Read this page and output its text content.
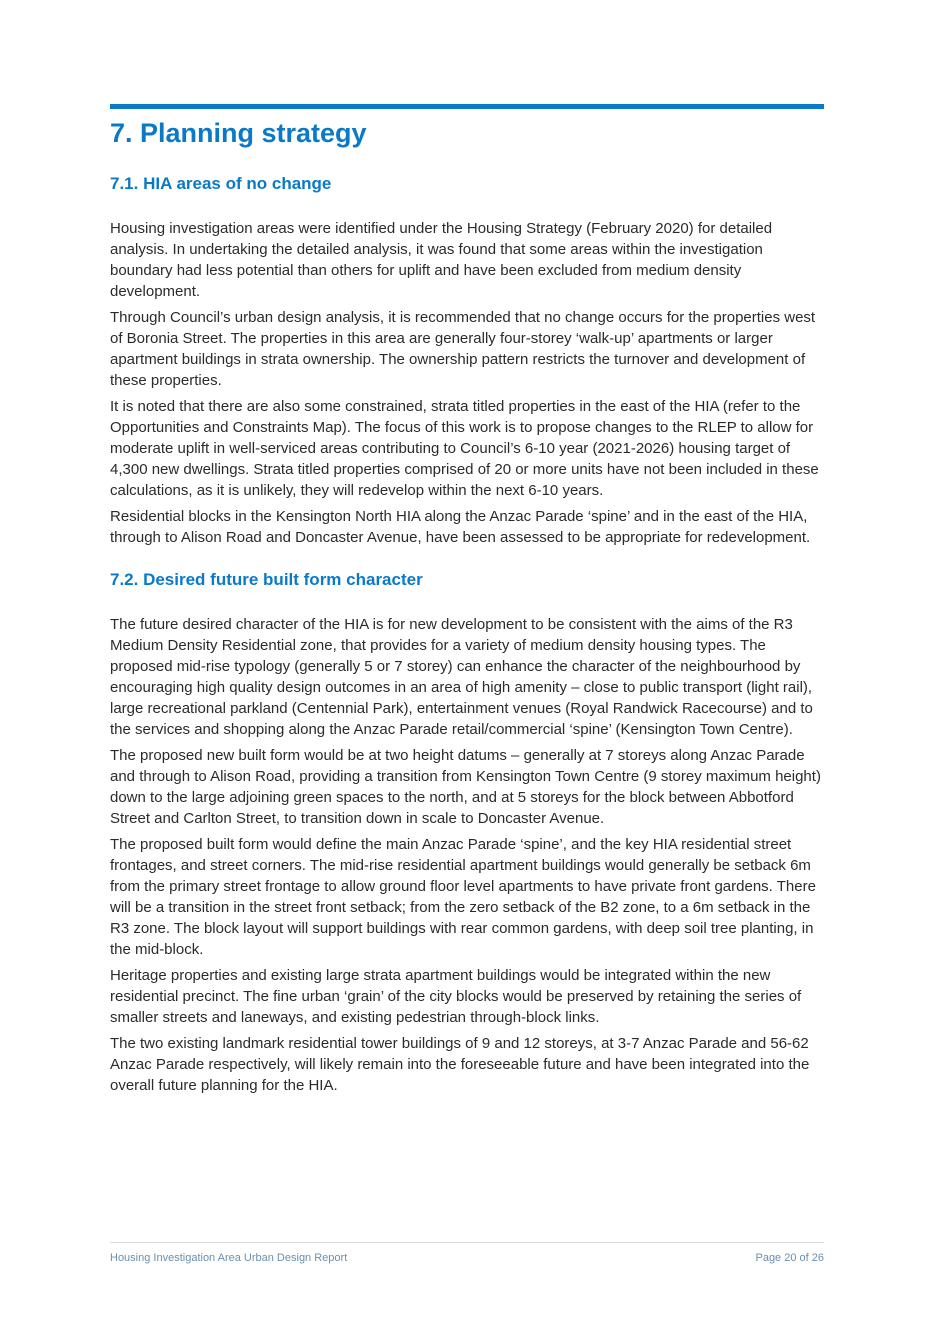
7. Planning strategy
7.1. HIA areas of no change

Housing investigation areas were identified under the Housing Strategy (February 2020) for detailed analysis. In undertaking the detailed analysis, it was found that some areas within the investigation boundary had less potential than others for uplift and have been excluded from medium density development.

Through Council’s urban design analysis, it is recommended that no change occurs for the properties west of Boronia Street. The properties in this area are generally four-storey ‘walk-up’ apartments or larger apartment buildings in strata ownership. The ownership pattern restricts the turnover and development of these properties.

It is noted that there are also some constrained, strata titled properties in the east of the HIA (refer to the Opportunities and Constraints Map). The focus of this work is to propose changes to the RLEP to allow for moderate uplift in well-serviced areas contributing to Council’s 6-10 year (2021-2026) housing target of 4,300 new dwellings. Strata titled properties comprised of 20 or more units have not been included in these calculations, as it is unlikely, they will redevelop within the next 6-10 years.

Residential blocks in the Kensington North HIA along the Anzac Parade ‘spine’ and in the east of the HIA, through to Alison Road and Doncaster Avenue, have been assessed to be appropriate for redevelopment.

7.2. Desired future built form character

The future desired character of the HIA is for new development to be consistent with the aims of the R3 Medium Density Residential zone, that provides for a variety of medium density housing types. The proposed mid-rise typology (generally 5 or 7 storey) can enhance the character of the neighbourhood by encouraging high quality design outcomes in an area of high amenity – close to public transport (light rail), large recreational parkland (Centennial Park), entertainment venues (Royal Randwick Racecourse) and to the services and shopping along the Anzac Parade retail/commercial ‘spine’ (Kensington Town Centre).

The proposed new built form would be at two height datums – generally at 7 storeys along Anzac Parade and through to Alison Road, providing a transition from Kensington Town Centre (9 storey maximum height) down to the large adjoining green spaces to the north, and at 5 storeys for the block between Abbotford Street and Carlton Street, to transition down in scale to Doncaster Avenue.

The proposed built form would define the main Anzac Parade ‘spine’, and the key HIA residential street frontages, and street corners. The mid-rise residential apartment buildings would generally be setback 6m from the primary street frontage to allow ground floor level apartments to have private front gardens. There will be a transition in the street front setback; from the zero setback of the B2 zone, to a 6m setback in the R3 zone. The block layout will support buildings with rear common gardens, with deep soil tree planting, in the mid-block.

Heritage properties and existing large strata apartment buildings would be integrated within the new residential precinct. The fine urban ‘grain’ of the city blocks would be preserved by retaining the series of smaller streets and laneways, and existing pedestrian through-block links.

The two existing landmark residential tower buildings of 9 and 12 storeys, at 3-7 Anzac Parade and 56-62 Anzac Parade respectively, will likely remain into the foreseeable future and have been integrated into the overall future planning for the HIA.

Housing Investigation Area Urban Design Report	Page 20 of 26
